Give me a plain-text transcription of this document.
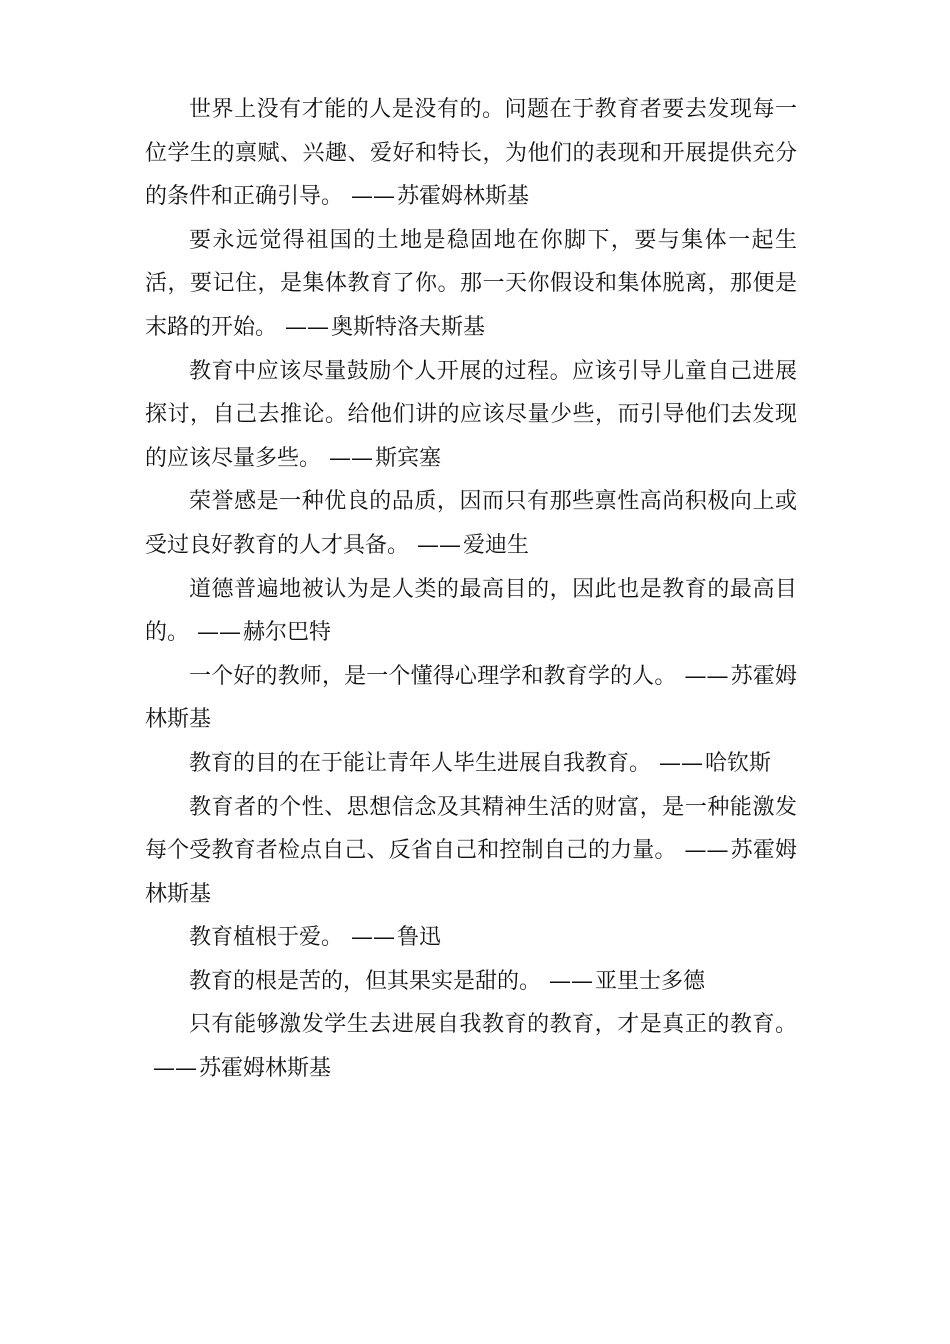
世界上没有才能的人是没有的。问题在于教育者要去发现每一位学生的禀赋、兴趣、爱好和特长，为他们的表现和开展提供充分的条件和正确引导。 ——苏霍姆林斯基

要永远觉得祖国的土地是稳固地在你脚下，要与集体一起生活，要记住，是集体教育了你。那一天你假设和集体脱离，那便是末路的开始。 ——奥斯特洛夫斯基

教育中应该尽量鼓励个人开展的过程。应该引导儿童自己进展探讨，自己去推论。给他们讲的应该尽量少些，而引导他们去发现的应该尽量多些。 ——斯宾塞

荣誉感是一种优良的品质，因而只有那些禀性高尚积极向上或受过良好教育的人才具备。 ——爱迪生

道德普遍地被认为是人类的最高目的，因此也是教育的最高目的。 ——赫尔巴特

一个好的教师，是一个懂得心理学和教育学的人。 ——苏霍姆林斯基

教育的目的在于能让青年人毕生进展自我教育。 ——哈钦斯

教育者的个性、思想信念及其精神生活的财富，是一种能激发每个受教育者检点自己、反省自己和控制自己的力量。 ——苏霍姆林斯基

教育植根于爱。 ——鲁迅

教育的根是苦的，但其果实是甜的。 ——亚里士多德

只有能够激发学生去进展自我教育的教育，才是真正的教育。——苏霍姆林斯基
